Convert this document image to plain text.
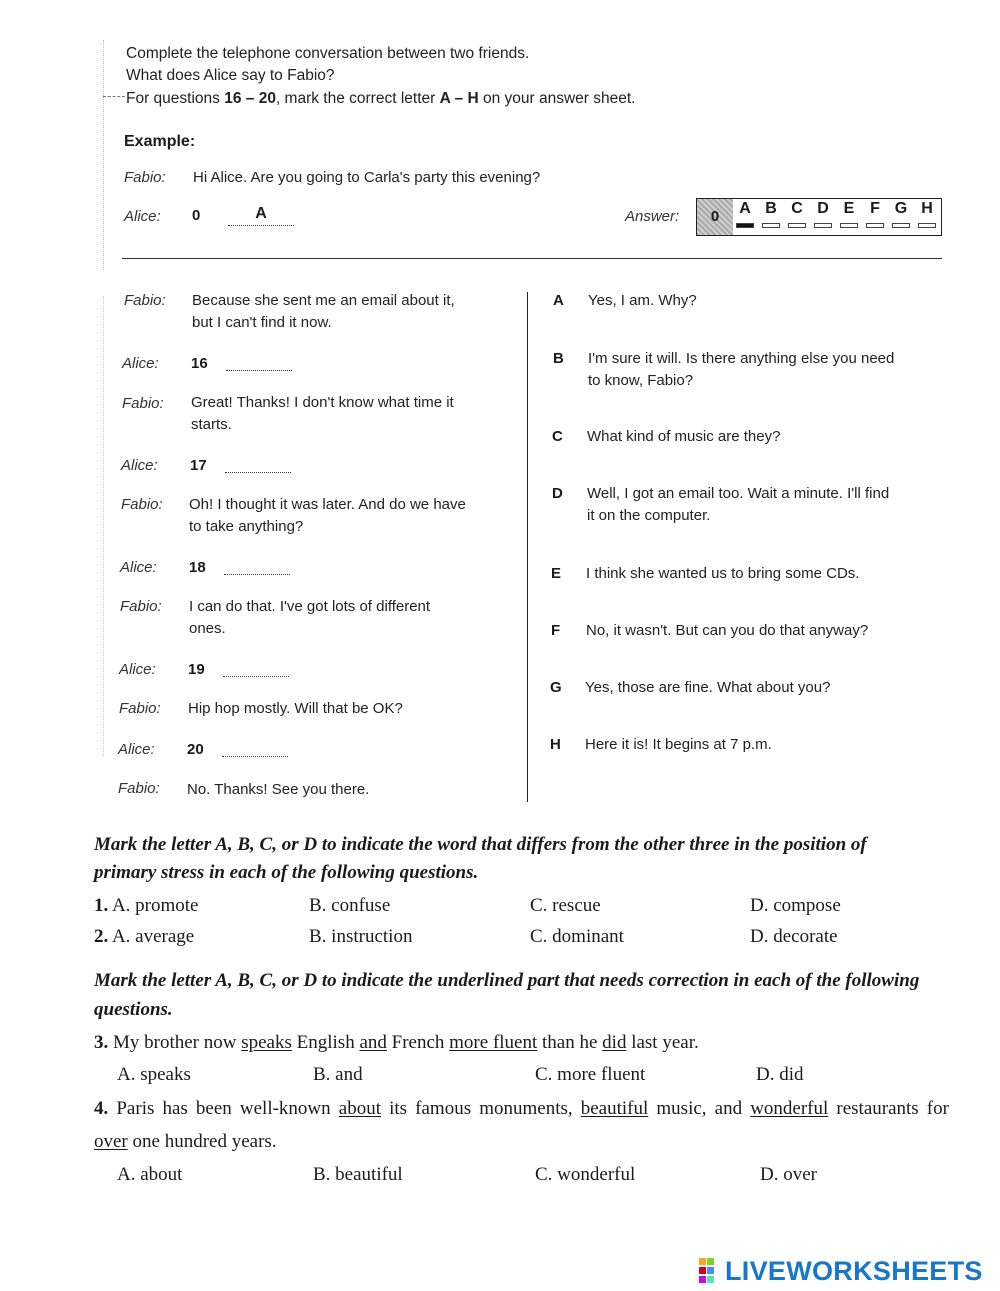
Complete the telephone conversation between two friends.
What does Alice say to Fabio?
For questions 16 – 20, mark the correct letter A – H on your answer sheet.
Example:
Fabio: Hi Alice. Are you going to Carla's party this evening?
Alice: 0	A	Answer:	0	A B C D E F G H
Fabio: Because she sent me an email about it,
but I can't find it now.
Alice: 16
Fabio: Great! Thanks! I don't know what time it
starts.
Alice: 17
Fabio: Oh! I thought it was later. And do we have
to take anything?
Alice: 18
Fabio: I can do that. I've got lots of different
ones.
Alice: 19
Fabio: Hip hop mostly. Will that be OK?
Alice: 20
Fabio: No. Thanks! See you there.
A Yes, I am. Why?
B I'm sure it will. Is there anything else you need
to know, Fabio?
C What kind of music are they?
D Well, I got an email too. Wait a minute. I'll find
it on the computer.
E I think she wanted us to bring some CDs.
F No, it wasn't. But can you do that anyway?
G Yes, those are fine. What about you?
H Here it is! It begins at 7 p.m.
Mark the letter A, B, C, or D to indicate the word that differs from the other three in the position of
primary stress in each of the following questions.
1. A. promote	B. confuse	C. rescue	D. compose
2. A. average	B. instruction	C. dominant	D. decorate
Mark the letter A, B, C, or D to indicate the underlined part that needs correction in each of the following
questions.
3. My brother now speaks English and French more fluent than he did last year.
A. speaks	B. and	C. more fluent	D. did
4. Paris has been well-known about its famous monuments, beautiful music, and wonderful restaurants for
over one hundred years.
A. about	B. beautiful	C. wonderful	D. over
LIVEWORKSHEETS
